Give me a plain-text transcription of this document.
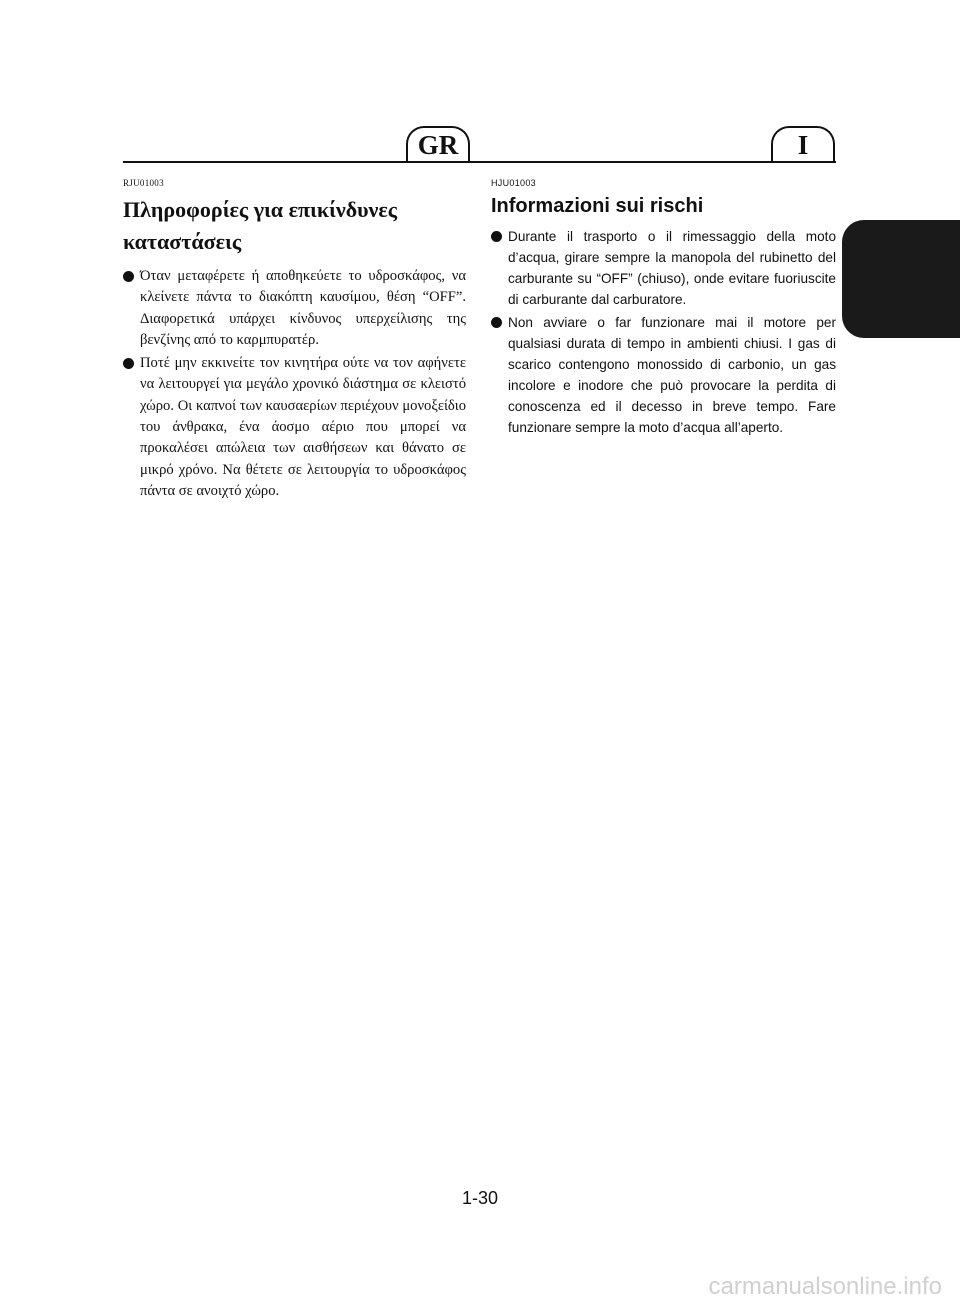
GR	I
RJU01003
Πληροφορίες για επικίνδυνες καταστάσεις
Όταν μεταφέρετε ή αποθηκεύετε το υδροσκάφος, να κλείνετε πάντα το διακόπτη καυσίμου, θέση “OFF”. Διαφορετικά υπάρχει κίνδυνος υπερχείλισης της βενζίνης από το καρμπυρατέρ.
Ποτέ μην εκκινείτε τον κινητήρα ούτε να τον αφήνετε να λειτουργεί για μεγάλο χρονικό διάστημα σε κλειστό χώρο. Οι καπνοί των καυσαερίων περιέχουν μονοξείδιο του άνθρακα, ένα άοσμο αέριο που μπορεί να προκαλέσει απώλεια των αισθήσεων και θάνατο σε μικρό χρόνο. Να θέτετε σε λειτουργία το υδροσκάφος πάντα σε ανοιχτό χώρο.
HJU01003
Informazioni sui rischi
Durante il trasporto o il rimessaggio della moto d’acqua, girare sempre la manopola del rubinetto del carburante su “OFF” (chiuso), onde evitare fuoriuscite di carburante dal carburatore.
Non avviare o far funzionare mai il motore per qualsiasi durata di tempo in ambienti chiusi. I gas di scarico contengono monossido di carbonio, un gas incolore e inodore che può provocare la perdita di conoscenza ed il decesso in breve tempo. Fare funzionare sempre la moto d’acqua all’aperto.
1-30
carmanualsonline.info
